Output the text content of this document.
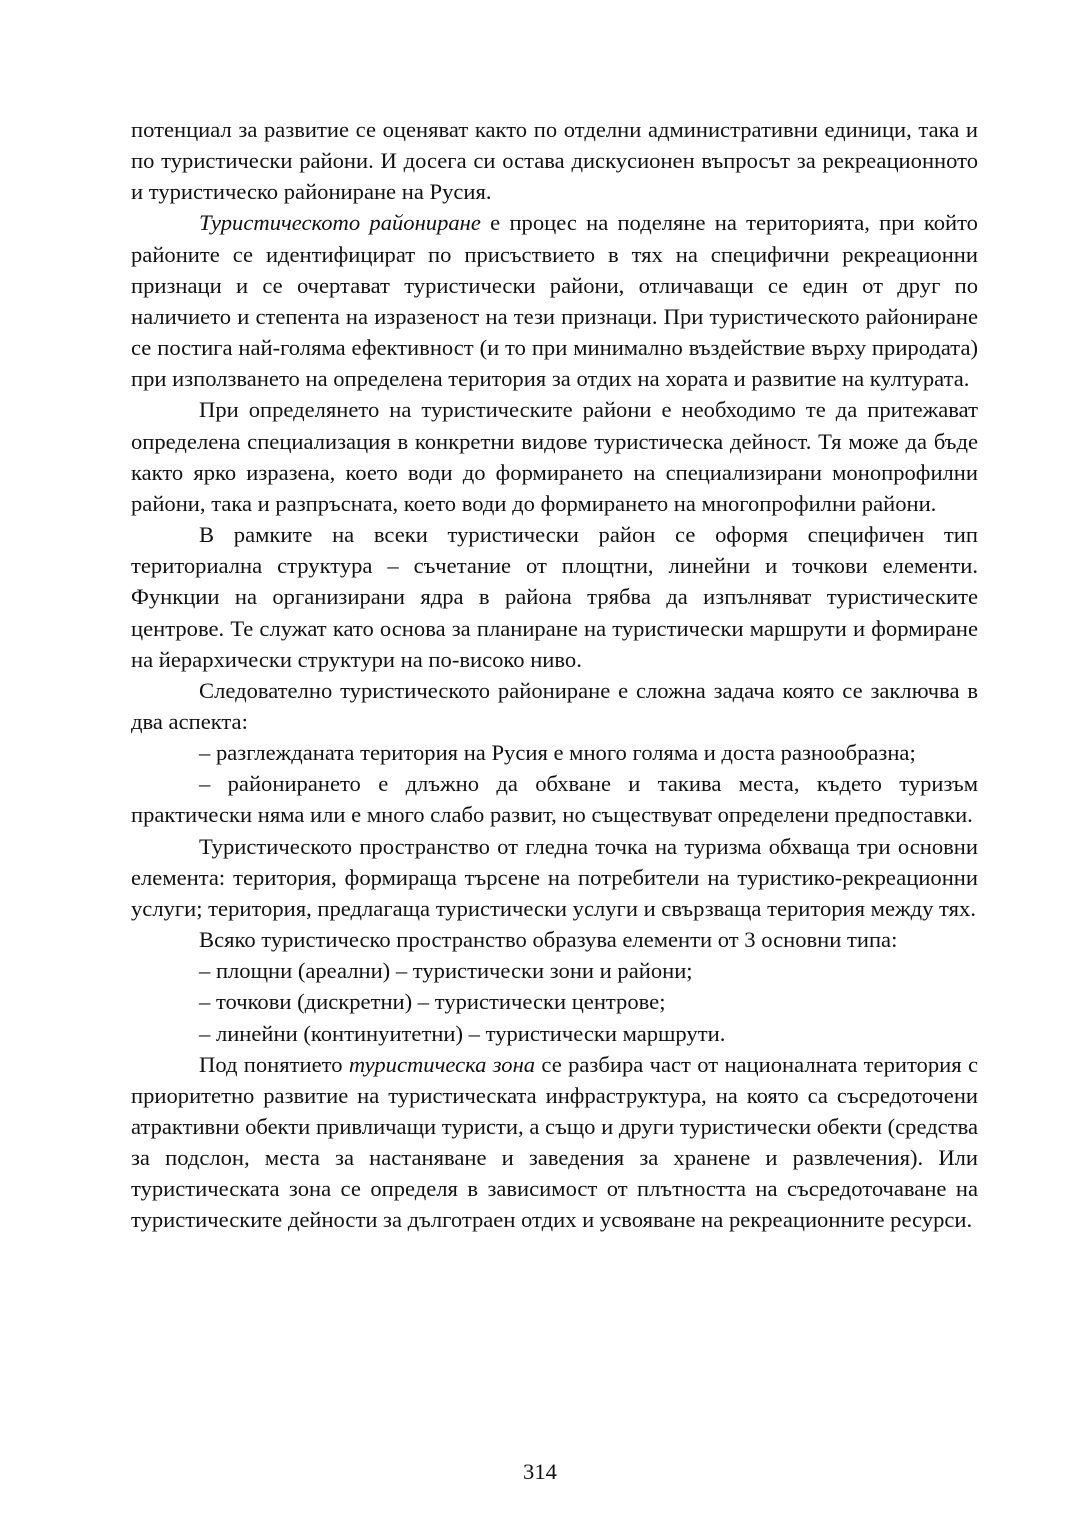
потенциал за развитие се оценяват както по отделни административни единици, така и по туристически райони. И досега си остава дискусионен въпросът за рекреационното и туристическо райониране на Русия.

Туристическото райониране е процес на поделяне на територията, при който районите се идентифицират по присъствието в тях на специфични рекреационни признаци и се очертават туристически райони, отличаващи се един от друг по наличието и степента на изразеност на тези признаци. При туристическото райониране се постига най-голяма ефективност (и то при минимално въздействие върху природата) при използването на определена територия за отдих на хората и развитие на културата.

При определянето на туристическите райони е необходимо те да притежават определена специализация в конкретни видове туристическа дейност. Тя може да бъде както ярко изразена, което води до формирането на специализирани монопрофилни райони, така и разпръсната, което води до формирането на многопрофилни райони.

В рамките на всеки туристически район се оформя специфичен тип териториална структура – съчетание от площтни, линейни и точкови елементи. Функции на организирани ядра в района трябва да изпълняват туристическите центрове. Те служат като основа за планиране на туристически маршрути и формиране на йерархически структури на по-високо ниво.

Следователно туристическото райониране е сложна задача която се заключва в два аспекта:

– разглежданата територия на Русия е много голяма и доста разнообразна;

– районирането е длъжно да обхване и такива места, където туризъм практически няма или е много слабо развит, но съществуват определени предпоставки.

Туристическото пространство от гледна точка на туризма обхваща три основни елемента: територия, формираща търсене на потребители на туристико-рекреационни услуги; територия, предлагаща туристически услуги и свързваща територия между тях.

Всяко туристическо пространство образува елементи от 3 основни типа:

– площни (ареални) – туристически зони и райони;

– точкови (дискретни) – туристически центрове;

– линейни (континуитетни) – туристически маршрути.

Под понятието туристическа зона се разбира част от националната територия с приоритетно развитие на туристическата инфраструктура, на която са съсредоточени атрактивни обекти привличащи туристи, а също и други туристически обекти (средства за подслон, места за настаняване и заведения за хранене и развлечения). Или туристическата зона се определя в зависимост от плътността на съсредоточаване на туристическите дейности за дълготраен отдих и усвояване на рекреационните ресурси.

314
